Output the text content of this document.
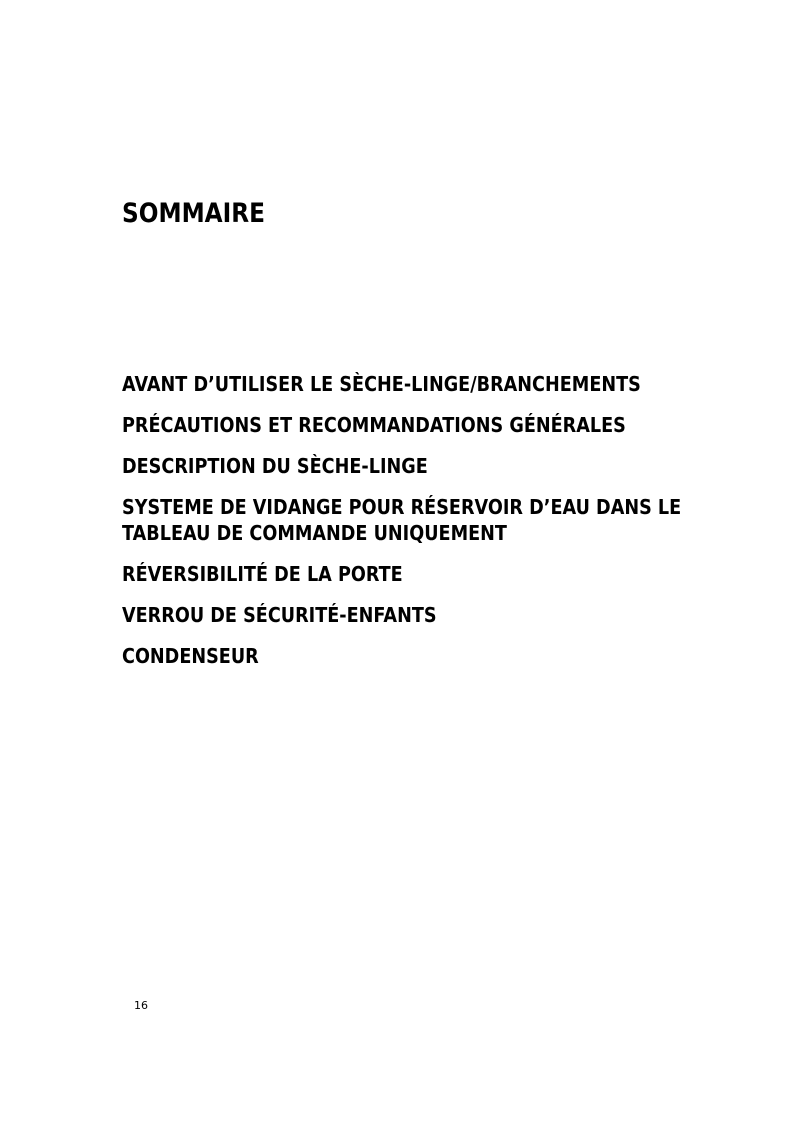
SOMMAIRE
AVANT D’UTILISER LE SÈCHE-LINGE/BRANCHEMENTS
PRÉCAUTIONS ET RECOMMANDATIONS GÉNÉRALES
DESCRIPTION DU SÈCHE-LINGE
SYSTEME DE VIDANGE POUR RÉSERVOIR D’EAU DANS LE TABLEAU DE COMMANDE UNIQUEMENT
RÉVERSIBILITÉ DE LA PORTE
VERROU DE SÉCURITÉ-ENFANTS
CONDENSEUR
16
